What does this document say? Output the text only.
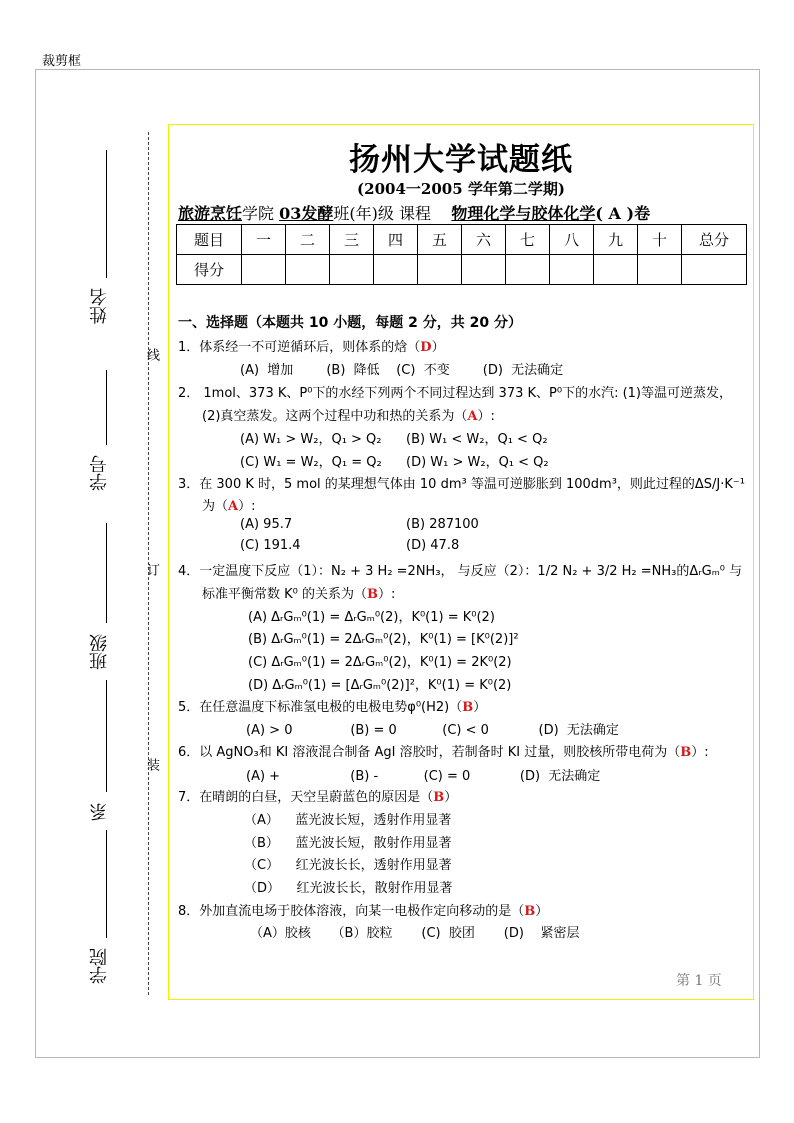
裁剪框
线
订
装
姓名
学号
班级
系
学院
扬州大学试题纸
(2004一2005 学年第二学期)
旅游烹饪学院 03发酵班(年)级 课程 物理化学与胶体化学( A )卷
题目	一	二	三	四	五	六	七	八	九	十	总分
得分											
一、选择题（本题共 10 小题，每题 2 分，共 20 分）
1．体系经一不可逆循环后，则体系的焓（D）
(A)  增加        (B)  降低    (C)  不变        (D)  无法确定
2． 1mol、373 K、P⁰下的水经下列两个不同过程达到 373 K、P⁰下的水汽: (1)等温可逆蒸发，
(2)真空蒸发。这两个过程中功和热的关系为（A）:
(A) W₁ > W₂，Q₁ > Q₂ (B) W₁ < W₂，Q₁ < Q₂
(C) W₁ = W₂，Q₁ = Q₂ (D) W₁ > W₂，Q₁ < Q₂
3．在 300 K 时，5 mol 的某理想气体由 10 dm³ 等温可逆膨胀到 100dm³，则此过程的ΔS/J·K⁻¹
为（A）:
(A) 95.7	(B) 287100
(C) 191.4	(D) 47.8
4．一定温度下反应（1）：N₂ + 3 H₂ =2NH₃， 与反应（2）：1/2 N₂ + 3/2 H₂ =NH₃的ΔᵣGₘ⁰ 与
标准平衡常数 K⁰ 的关系为（B）:
(A) ΔᵣGₘ⁰(1) = ΔᵣGₘ⁰(2)，K⁰(1) = K⁰(2)
(B) ΔᵣGₘ⁰(1) = 2ΔᵣGₘ⁰(2)，K⁰(1) = [K⁰(2)]²
(C) ΔᵣGₘ⁰(1) = 2ΔᵣGₘ⁰(2)，K⁰(1) = 2K⁰(2)
(D) ΔᵣGₘ⁰(1) = [ΔᵣGₘ⁰(2)]²，K⁰(1) = K⁰(2)
5．在任意温度下标准氢电极的电极电势φ⁰(H2)（B）
(A) > 0              (B) = 0           (C) < 0            (D)  无法确定
6．以 AgNO₃和 KI 溶液混合制备 AgI 溶胶时，若制备时 KI 过量，则胶核所带电荷为（B）:
(A) +                 (B) -           (C) = 0            (D)  无法确定
7．在晴朗的白昼，天空呈蔚蓝色的原因是（B）
（A）    蓝光波长短，透射作用显著
（B）    蓝光波长短，散射作用显著
（C）    红光波长长，透射作用显著
（D）    红光波长长，散射作用显著
8．外加直流电场于胶体溶液，向某一电极作定向移动的是（B）
（A）胶核     （B）胶粒       (C)  胶团       (D)    紧密层
第 1 页
